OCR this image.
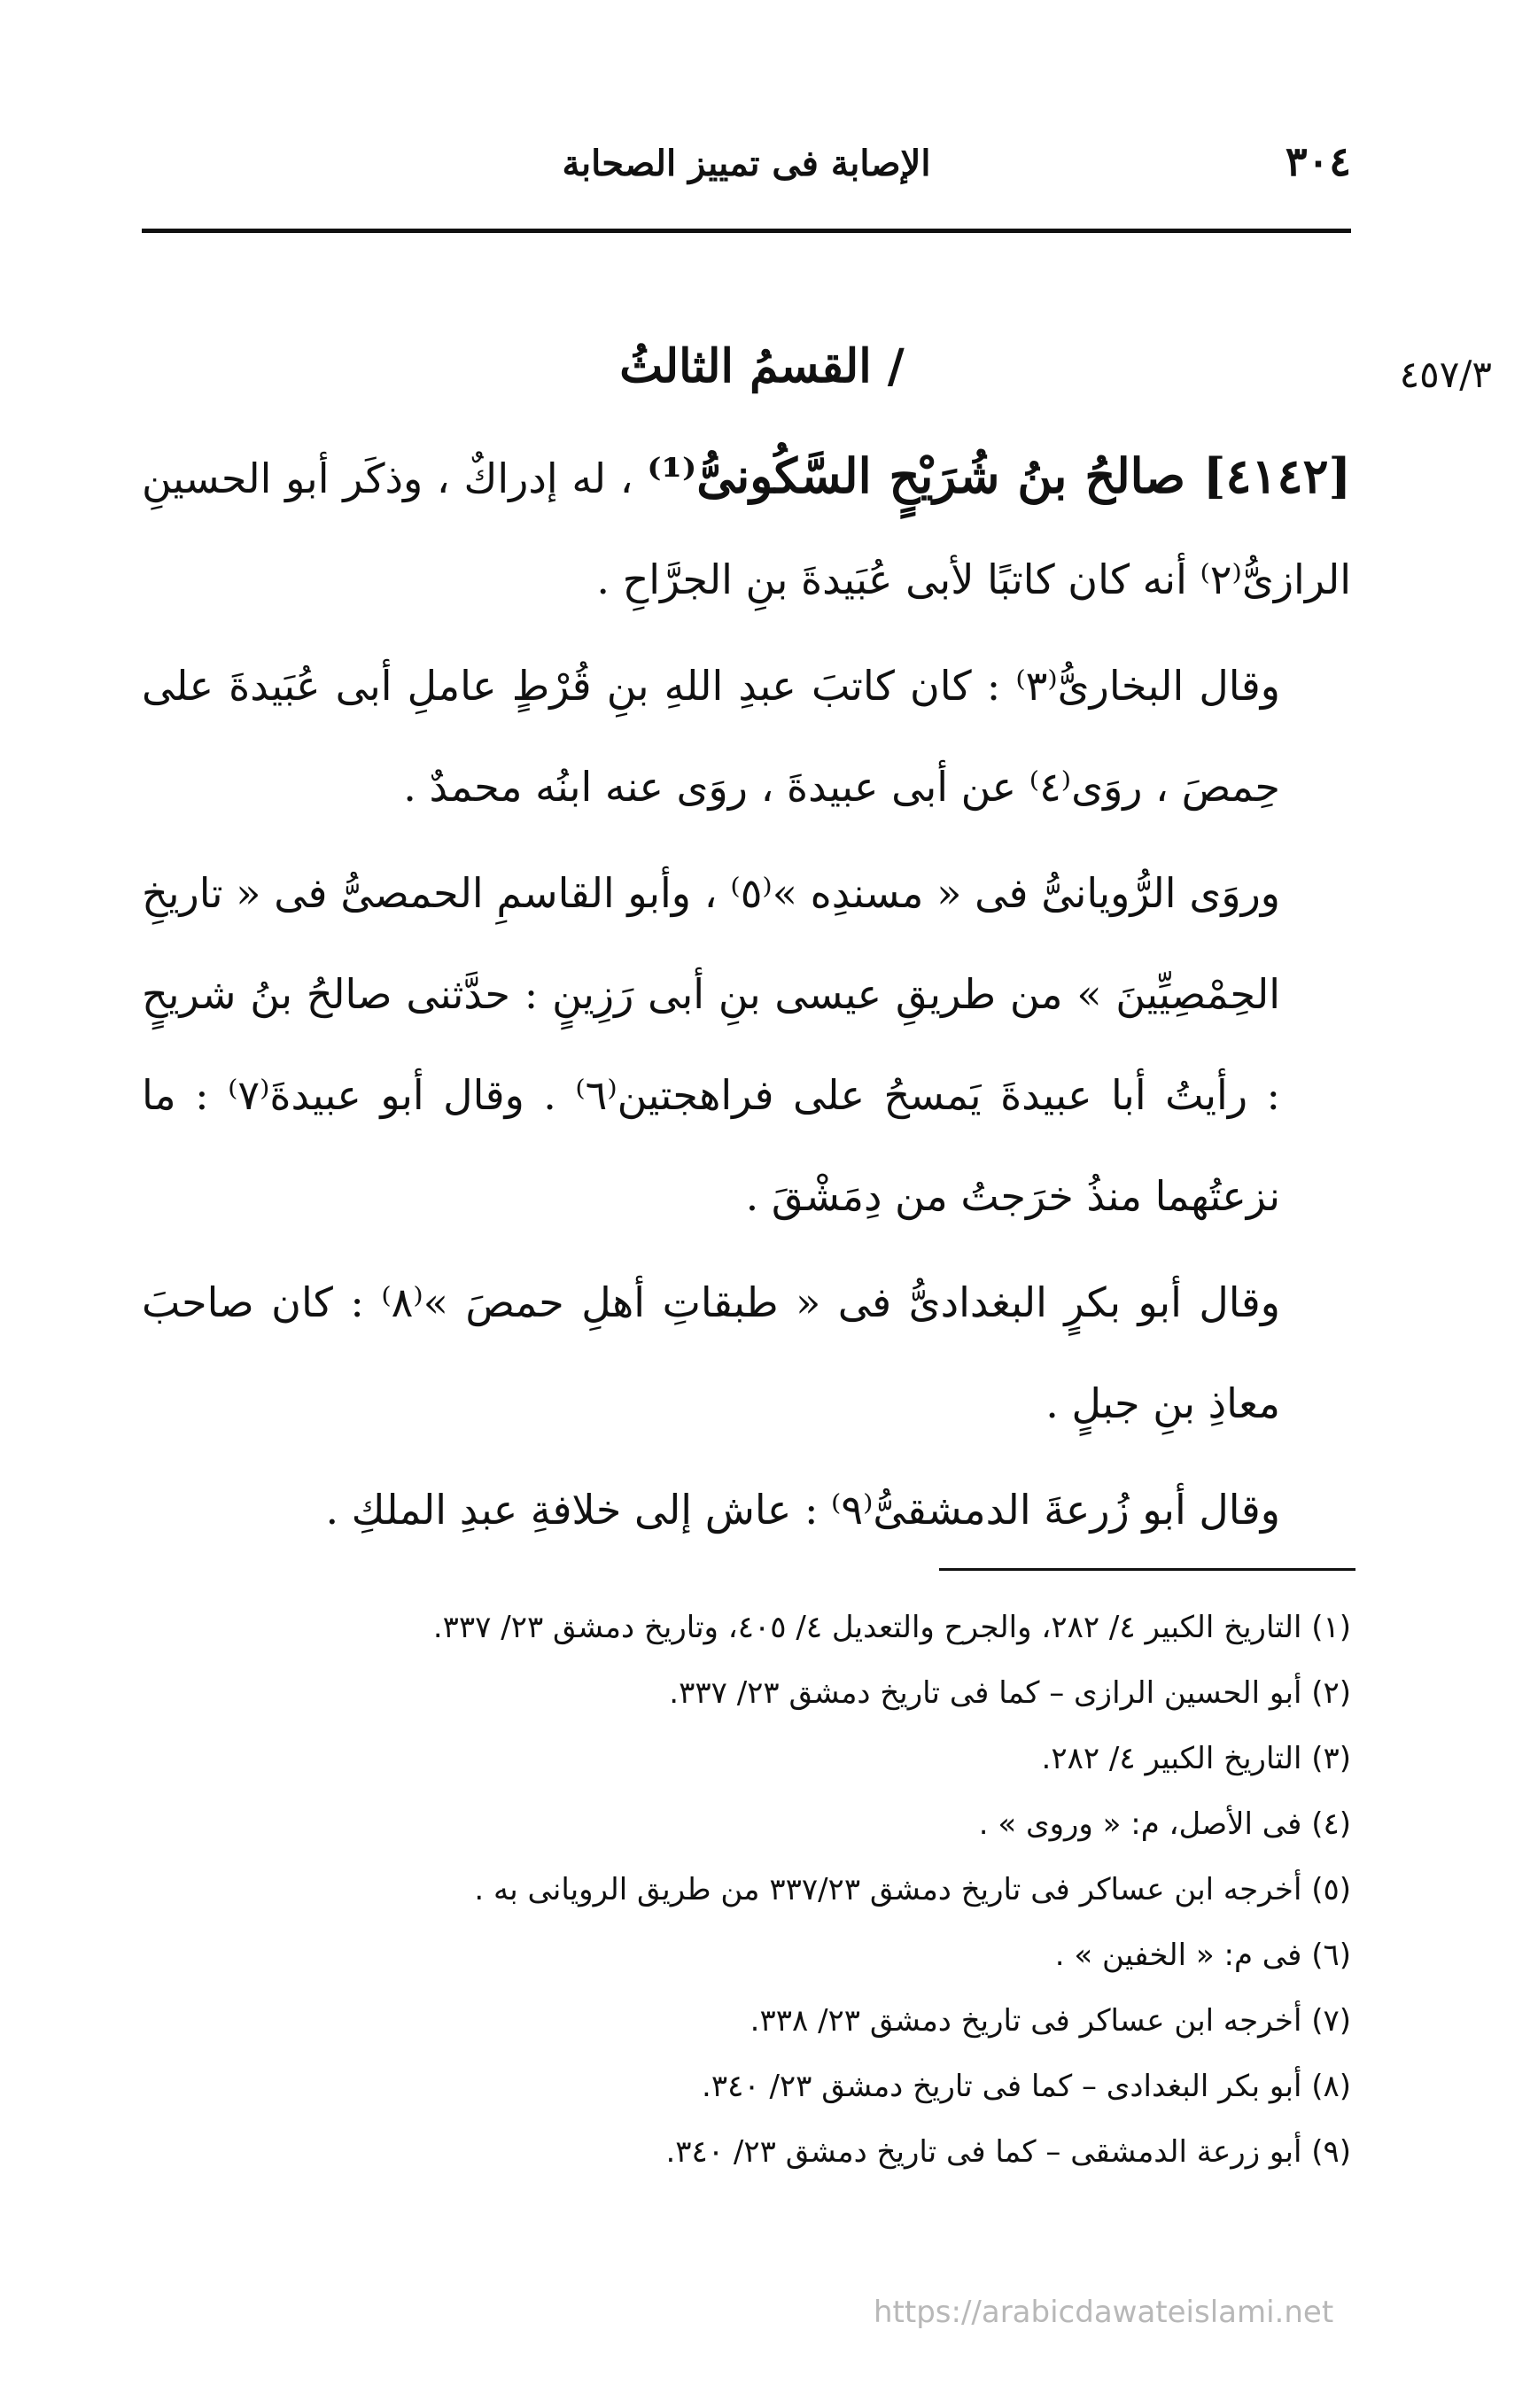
٣٠٤
الإصابة فى تمييز الصحابة
٤٥٧/٣
/ القسمُ الثالثُ

[٤١٤٢] صالحُ بنُ شُرَيْحٍ السَّكُونىُّ⁽¹⁾ ، له إدراكٌ ، وذكَر أبو الحسينِ الرازىُّ⁽٢⁾ أنه كان كاتبًا لأبى عُبَيدةَ بنِ الجرَّاحِ .

وقال البخارىُّ⁽٣⁾ : كان كاتبَ عبدِ اللهِ بنِ قُرْطٍ عاملِ أبى عُبَيدةَ على حِمصَ ، روَى⁽٤⁾ عن أبى عبيدةَ ، روَى عنه ابنُه محمدٌ .

وروَى الرُّويانىُّ فى « مسندِه »⁽٥⁾ ، وأبو القاسمِ الحمصىُّ فى « تاريخِ الحِمْصِيِّينَ » من طريقِ عيسى بنِ أبى رَزِينٍ : حدَّثنى صالحُ بنُ شريحٍ : رأيتُ أبا عبيدةَ يَمسحُ على فراهجتين⁽٦⁾ . وقال أبو عبيدةَ⁽٧⁾ : ما نزعتُهما منذُ خرَجتُ من دِمَشْقَ .

وقال أبو بكرٍ البغدادىُّ فى « طبقاتِ أهلِ حمصَ »⁽٨⁾ : كان صاحبَ معاذِ بنِ جبلٍ .

وقال أبو زُرعةَ الدمشقىُّ⁽٩⁾ : عاش إلى خلافةِ عبدِ الملكِ .

(١) التاريخ الكبير ٤/ ٢٨٢، والجرح والتعديل ٤/ ٤٠٥، وتاريخ دمشق ٢٣/ ٣٣٧.

(٢) أبو الحسين الرازى – كما فى تاريخ دمشق ٢٣/ ٣٣٧.

(٣) التاريخ الكبير ٤/ ٢٨٢.

(٤) فى الأصل، م: « وروى » .

(٥) أخرجه ابن عساكر فى تاريخ دمشق ٣٣٧/٢٣ من طريق الرويانى به .

(٦) فى م: « الخفين » .

(٧) أخرجه ابن عساكر فى تاريخ دمشق ٢٣/ ٣٣٨.

(٨) أبو بكر البغدادى – كما فى تاريخ دمشق ٢٣/ ٣٤٠.

(٩) أبو زرعة الدمشقى – كما فى تاريخ دمشق ٢٣/ ٣٤٠.

https://arabicdawateislami.net
